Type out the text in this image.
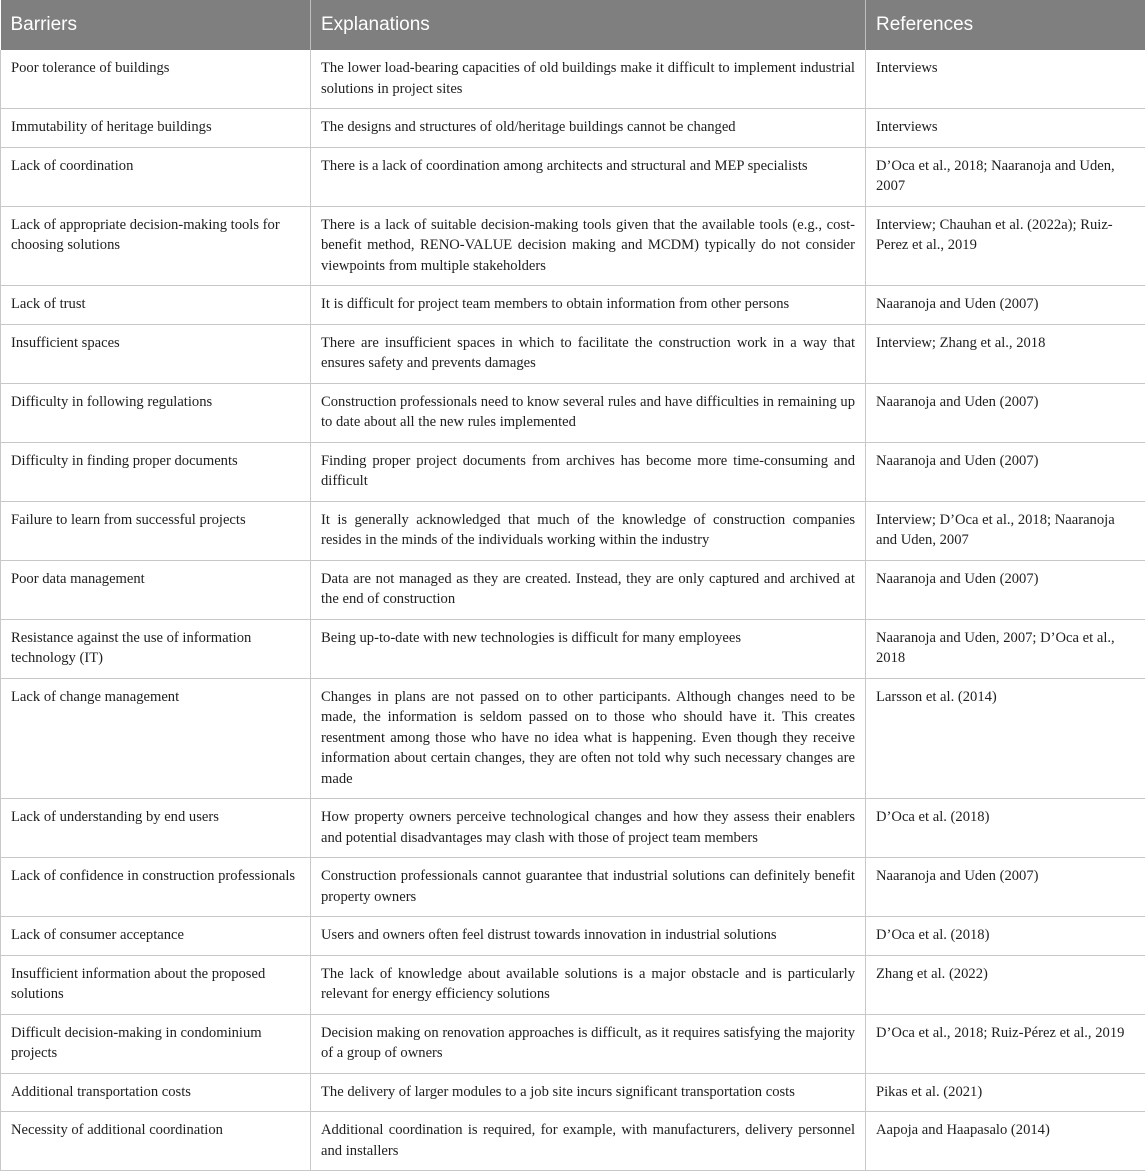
Barriers	Explanations	References
Poor tolerance of buildings	The lower load-bearing capacities of old buildings make it difficult to implement industrial solutions in project sites	Interviews
Immutability of heritage buildings	The designs and structures of old/heritage buildings cannot be changed	Interviews
Lack of coordination	There is a lack of coordination among architects and structural and MEP specialists	D’Oca et al., 2018; Naaranoja and Uden, 2007
Lack of appropriate decision-making tools for choosing solutions	There is a lack of suitable decision-making tools given that the available tools (e.g., cost-benefit method, RENO-VALUE decision making and MCDM) typically do not consider viewpoints from multiple stakeholders	Interview; Chauhan et al. (2022a); Ruiz-Perez et al., 2019
Lack of trust	It is difficult for project team members to obtain information from other persons	Naaranoja and Uden (2007)
Insufficient spaces	There are insufficient spaces in which to facilitate the construction work in a way that ensures safety and prevents damages	Interview; Zhang et al., 2018
Difficulty in following regulations	Construction professionals need to know several rules and have difficulties in remaining up to date about all the new rules implemented	Naaranoja and Uden (2007)
Difficulty in finding proper documents	Finding proper project documents from archives has become more time-consuming and difficult	Naaranoja and Uden (2007)
Failure to learn from successful projects	It is generally acknowledged that much of the knowledge of construction companies resides in the minds of the individuals working within the industry	Interview; D’Oca et al., 2018; Naaranoja and Uden, 2007
Poor data management	Data are not managed as they are created. Instead, they are only captured and archived at the end of construction	Naaranoja and Uden (2007)
Resistance against the use of information technology (IT)	Being up-to-date with new technologies is difficult for many employees	Naaranoja and Uden, 2007; D’Oca et al., 2018
Lack of change management	Changes in plans are not passed on to other participants. Although changes need to be made, the information is seldom passed on to those who should have it. This creates resentment among those who have no idea what is happening. Even though they receive information about certain changes, they are often not told why such necessary changes are made	Larsson et al. (2014)
Lack of understanding by end users	How property owners perceive technological changes and how they assess their enablers and potential disadvantages may clash with those of project team members	D’Oca et al. (2018)
Lack of confidence in construction professionals	Construction professionals cannot guarantee that industrial solutions can definitely benefit property owners	Naaranoja and Uden (2007)
Lack of consumer acceptance	Users and owners often feel distrust towards innovation in industrial solutions	D’Oca et al. (2018)
Insufficient information about the proposed solutions	The lack of knowledge about available solutions is a major obstacle and is particularly relevant for energy efficiency solutions	Zhang et al. (2022)
Difficult decision-making in condominium projects	Decision making on renovation approaches is difficult, as it requires satisfying the majority of a group of owners	D’Oca et al., 2018; Ruiz-Pérez et al., 2019
Additional transportation costs	The delivery of larger modules to a job site incurs significant transportation costs	Pikas et al. (2021)
Necessity of additional coordination	Additional coordination is required, for example, with manufacturers, delivery personnel and installers	Aapoja and Haapasalo (2014)
